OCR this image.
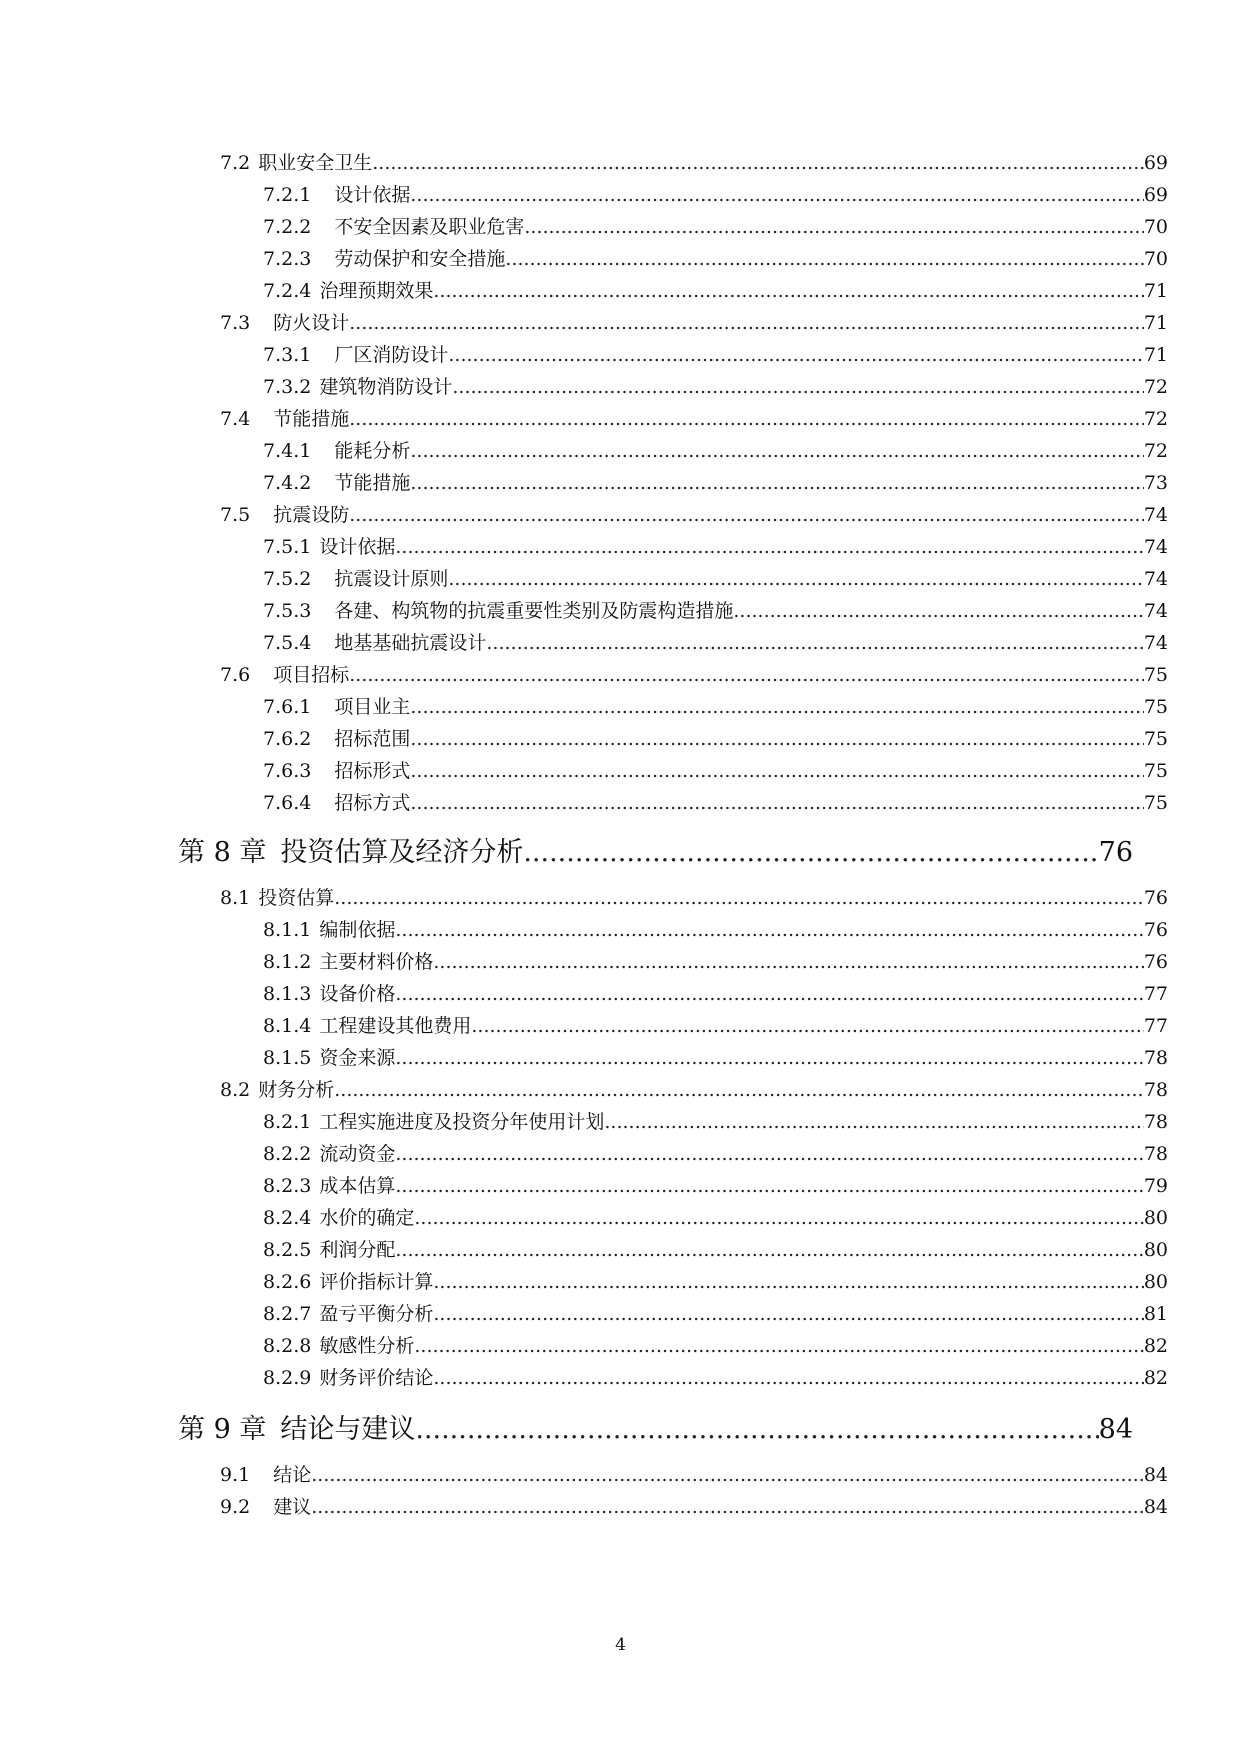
7.2 职业安全卫生 .....	69
7.2.1 设计依据 .....	69
7.2.2 不安全因素及职业危害 .....	70
7.2.3 劳动保护和安全措施 .....	70
7.2.4 治理预期效果 .....	71
7.3 防火设计 .....	71
7.3.1 厂区消防设计 .....	71
7.3.2 建筑物消防设计 .....	72
7.4 节能措施 .....	72
7.4.1 能耗分析 .....	72
7.4.2 节能措施 .....	73
7.5 抗震设防 .....	74
7.5.1 设计依据 .....	74
7.5.2 抗震设计原则 .....	74
7.5.3 各建、构筑物的抗震重要性类别及防震构造措施 .....	74
7.5.4 地基基础抗震设计 .....	74
7.6 项目招标 .....	75
7.6.1 项目业主 .....	75
7.6.2 招标范围 .....	75
7.6.3 招标形式 .....	75
7.6.4 招标方式 .....	75
第 8 章 投资估算及经济分析 .....	76
8.1 投资估算 .....	76
8.1.1 编制依据 .....	76
8.1.2 主要材料价格 .....	76
8.1.3 设备价格 .....	77
8.1.4 工程建设其他费用 .....	77
8.1.5 资金来源 .....	78
8.2 财务分析 .....	78
8.2.1 工程实施进度及投资分年使用计划 .....	78
8.2.2 流动资金 .....	78
8.2.3 成本估算 .....	79
8.2.4 水价的确定 .....	80
8.2.5 利润分配 .....	80
8.2.6 评价指标计算 .....	80
8.2.7 盈亏平衡分析 .....	81
8.2.8 敏感性分析 .....	82
8.2.9 财务评价结论 .....	82
第 9 章 结论与建议 .....	84
9.1 结论 .....	84
9.2 建议 .....	84
4
